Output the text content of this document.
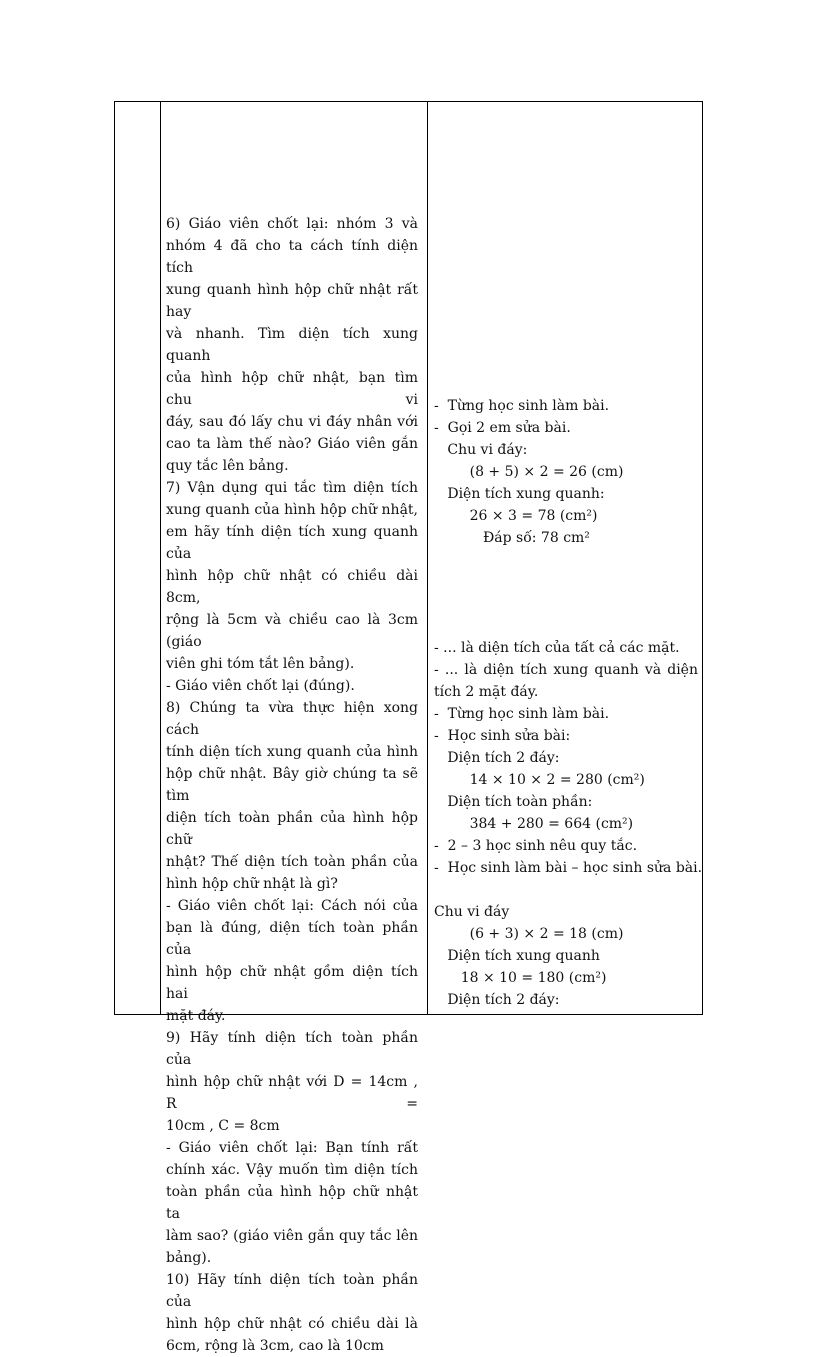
6) Giáo viên chốt lại: nhóm 3 và

nhóm 4 đã cho ta cách tính diện tích

xung quanh hình hộp chữ nhật rất hay

và nhanh. Tìm diện tích xung quanh

của hình hộp chữ nhật, bạn tìm chu vi

đáy, sau đó lấy chu vi đáy nhân với

cao ta làm thế nào? Giáo viên gắn

quy tắc lên bảng.

7) Vận dụng qui tắc tìm diện tích

xung quanh của hình hộp chữ nhật,

em hãy tính diện tích xung quanh của

hình hộp chữ nhật có chiều dài 8cm,

rộng là 5cm và chiều cao là 3cm (giáo

viên ghi tóm tắt lên bảng).

- Giáo viên chốt lại (đúng).

8) Chúng ta vừa thực hiện xong cách

tính diện tích xung quanh của hình

hộp chữ nhật. Bây giờ chúng ta sẽ tìm

diện tích toàn phần của hình hộp chữ

nhật? Thế diện tích toàn phần của

hình hộp chữ nhật là gì?

- Giáo viên chốt lại: Cách nói của

bạn là đúng, diện tích toàn phần của

hình hộp chữ nhật gồm diện tích hai

mặt đáy.

9) Hãy tính diện tích toàn phần của

hình hộp chữ nhật với D = 14cm , R =

10cm , C = 8cm

- Giáo viên chốt lại: Bạn tính rất

chính xác. Vậy muốn tìm diện tích

toàn phần của hình hộp chữ nhật ta

làm sao? (giáo viên gắn quy tắc lên

bảng).

10) Hãy tính diện tích toàn phần của

hình hộp chữ nhật có chiều dài là

6cm, rộng là 3cm, cao là 10cm

-  Từng học sinh làm bài.

-  Gọi 2 em sửa bài.

Chu vi đáy:

(8 + 5) × 2 = 26 (cm)

Diện tích xung quanh:

26 × 3 = 78 (cm²)

Đáp số: 78 cm²

- ... là diện tích của tất cả các mặt.

- ... là diện tích xung quanh và diện

tích 2 mặt đáy.

-  Từng học sinh làm bài.

-  Học sinh sửa bài:

Diện tích 2 đáy:

14 × 10 × 2 = 280 (cm²)

Diện tích toàn phần:

384 + 280 = 664 (cm²)

-  2 – 3 học sinh nêu quy tắc.

-  Học sinh làm bài – học sinh sửa bài.

Chu vi đáy

(6 + 3) × 2 = 18 (cm)

Diện tích xung quanh

18 × 10 = 180 (cm²)

Diện tích 2 đáy:
